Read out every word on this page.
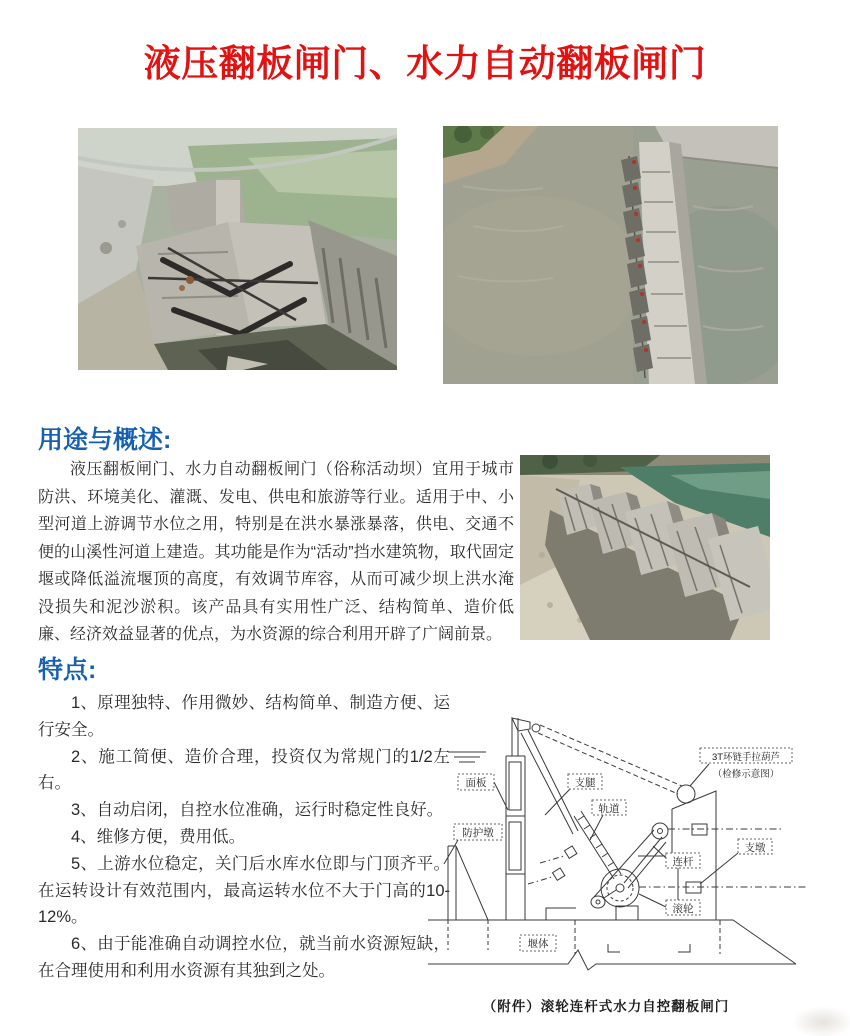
液压翻板闸门、水力自动翻板闸门
用途与概述:
液压翻板闸门、水力自动翻板闸门（俗称活动坝）宜用于城市防洪、环境美化、灌溉、发电、供电和旅游等行业。适用于中、小型河道上游调节水位之用，特别是在洪水暴涨暴落，供电、交通不便的山溪性河道上建造。其功能是作为“活动”挡水建筑物，取代固定堰或降低溢流堰顶的高度，有效调节库容，从而可减少坝上洪水淹没损失和泥沙淤积。该产品具有实用性广泛、结构简单、造价低廉、经济效益显著的优点，为水资源的综合利用开辟了广阔前景。
特点:

1、原理独特、作用微妙、结构简单、制造方便、运行安全。

2、施工简便、造价合理，投资仅为常规门的1/2左右。

3、自动启闭，自控水位准确，运行时稳定性良好。

4、维修方便，费用低。

5、上游水位稳定，关门后水库水位即与门顶齐平。在运转设计有效范围内，最高运转水位不大于门高的10-12%。

6、由于能准确自动调控水位，就当前水资源短缺，在合理使用和利用水资源有其独到之处。

面板
防护墩
支腿
轨道
连杆
滚轮
支墩
堰体
3T环链手拉葫芦
（检修示意图）
（附件）滚轮连杆式水力自控翻板闸门
